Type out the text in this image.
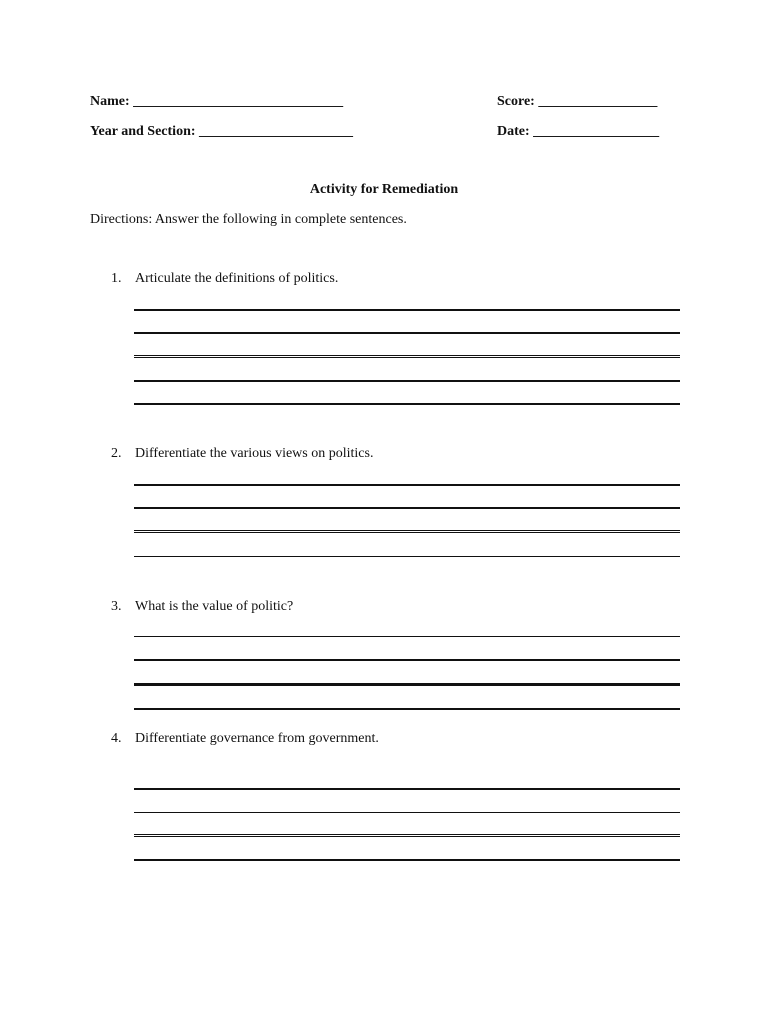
Name: ______________________________	Score: _________________
Year and Section: ______________________	Date: __________________
Activity for Remediation
Directions: Answer the following in complete sentences.
1. Articulate the definitions of politics.
2. Differentiate the various views on politics.
3. What is the value of politic?
4. Differentiate governance from government.
